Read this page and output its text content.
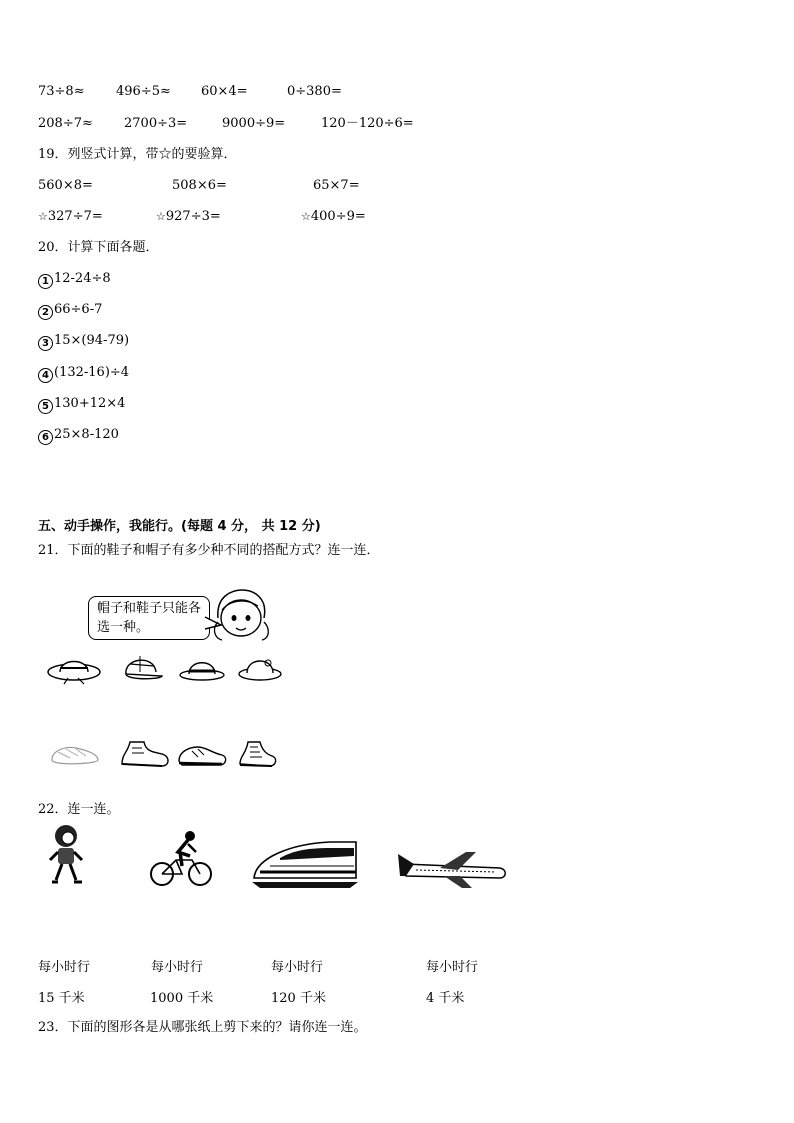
73÷8≈ 496÷5≈ 60×4=	0÷380=
208÷7≈ 2700÷3=	9000÷9=	120－120÷6=
19．列竖式计算，带☆的要验算．
560×8=	508×6=	65×7=
☆327÷7=	☆927÷3=	☆400÷9=
20．计算下面各题．
1 12-24÷8
2 66÷6-7
3 15×(94-79)
4 (132-16)÷4
5 130+12×4
6 25×8-120
五、动手操作，我能行。(每题 4 分， 共 12 分)
21．下面的鞋子和帽子有多少种不同的搭配方式？连一连．
帽子和鞋子只能各选一种。
22．连一连。
每小时行	每小时行	每小时行	每小时行
15 千米	1000 千米	120 千米	4 千米
23．下面的图形各是从哪张纸上剪下来的？请你连一连。
